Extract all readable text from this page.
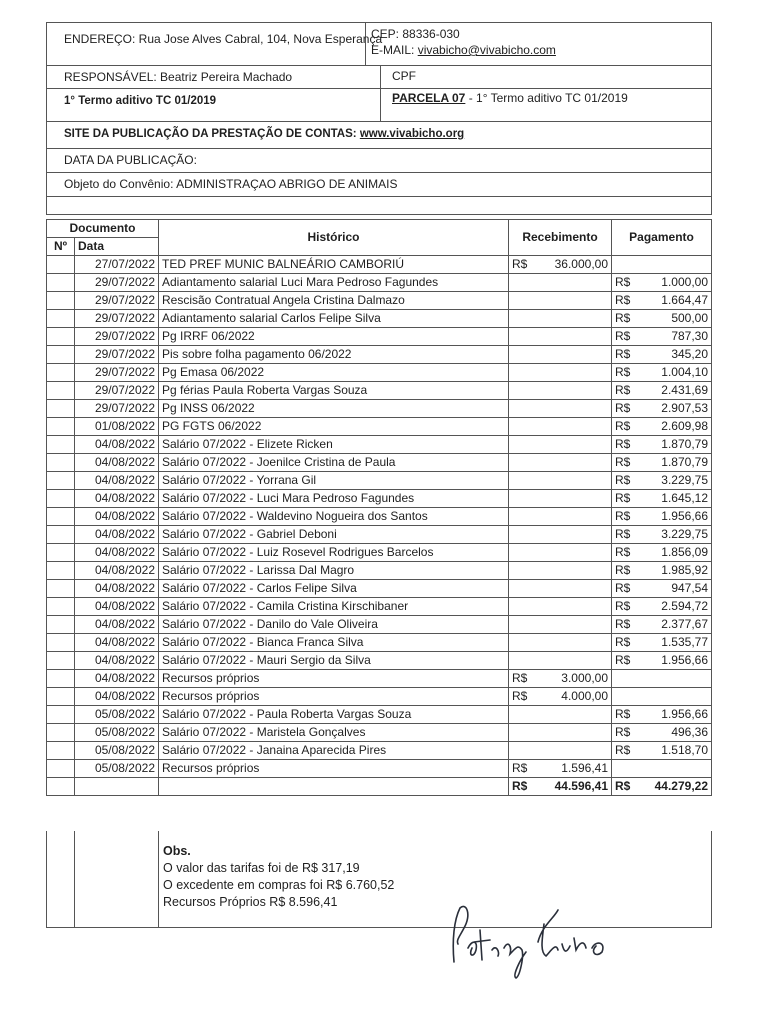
ENDEREÇO: Rua Jose Alves Cabral, 104, Nova Esperança
CEP: 88336-030
E-MAIL: vivabicho@vivabicho.com
RESPONSÁVEL: Beatriz Pereira Machado	CPF
1° Termo aditivo TC 01/2019	PARCELA 07 - 1° Termo aditivo TC 01/2019
SITE DA PUBLICAÇÃO DA PRESTAÇÃO DE CONTAS: www.vivabicho.org
DATA DA PUBLICAÇÃO:
Objeto do Convênio: ADMINISTRAÇAO ABRIGO DE ANIMAIS
Documento		Histórico	Recebimento		Pagamento	
Nº	Data					
	27/07/2022	TED PREF MUNIC BALNEÁRIO CAMBORIÚ	R$	36.000,00		
	29/07/2022	Adiantamento salarial Luci Mara Pedroso Fagundes			R$	1.000,00
	29/07/2022	Rescisão Contratual Angela Cristina Dalmazo			R$	1.664,47
	29/07/2022	Adiantamento salarial Carlos Felipe Silva			R$	500,00
	29/07/2022	Pg IRRF 06/2022			R$	787,30
	29/07/2022	Pis sobre folha pagamento 06/2022			R$	345,20
	29/07/2022	Pg Emasa 06/2022			R$	1.004,10
	29/07/2022	Pg férias Paula Roberta Vargas Souza			R$	2.431,69
	29/07/2022	Pg INSS 06/2022			R$	2.907,53
	01/08/2022	PG FGTS 06/2022			R$	2.609,98
	04/08/2022	Salário 07/2022 - Elizete Ricken			R$	1.870,79
	04/08/2022	Salário 07/2022 - Joenilce Cristina de Paula			R$	1.870,79
	04/08/2022	Salário 07/2022 - Yorrana Gil			R$	3.229,75
	04/08/2022	Salário 07/2022 - Luci Mara Pedroso Fagundes			R$	1.645,12
	04/08/2022	Salário 07/2022 - Waldevino Nogueira dos Santos			R$	1.956,66
	04/08/2022	Salário 07/2022 - Gabriel Deboni			R$	3.229,75
	04/08/2022	Salário 07/2022 - Luiz Rosevel Rodrigues Barcelos			R$	1.856,09
	04/08/2022	Salário 07/2022 - Larissa Dal Magro			R$	1.985,92
	04/08/2022	Salário 07/2022 - Carlos Felipe Silva			R$	947,54
	04/08/2022	Salário 07/2022 - Camila Cristina Kirschibaner			R$	2.594,72
	04/08/2022	Salário 07/2022 - Danilo do Vale Oliveira			R$	2.377,67
	04/08/2022	Salário 07/2022 - Bianca Franca Silva			R$	1.535,77
	04/08/2022	Salário 07/2022 - Mauri Sergio da Silva			R$	1.956,66
	04/08/2022	Recursos próprios	R$	3.000,00		
	04/08/2022	Recursos próprios	R$	4.000,00		
	05/08/2022	Salário 07/2022 - Paula Roberta Vargas Souza			R$	1.956,66
	05/08/2022	Salário 07/2022 - Maristela Gonçalves			R$	496,36
	05/08/2022	Salário 07/2022 - Janaina Aparecida Pires			R$	1.518,70
	05/08/2022	Recursos próprios	R$	1.596,41		
			R$	44.596,41	R$	44.279,22
Obs.
O valor das tarifas foi de R$ 317,19
O excedente em compras foi R$ 6.760,52
Recursos Próprios R$ 8.596,41
